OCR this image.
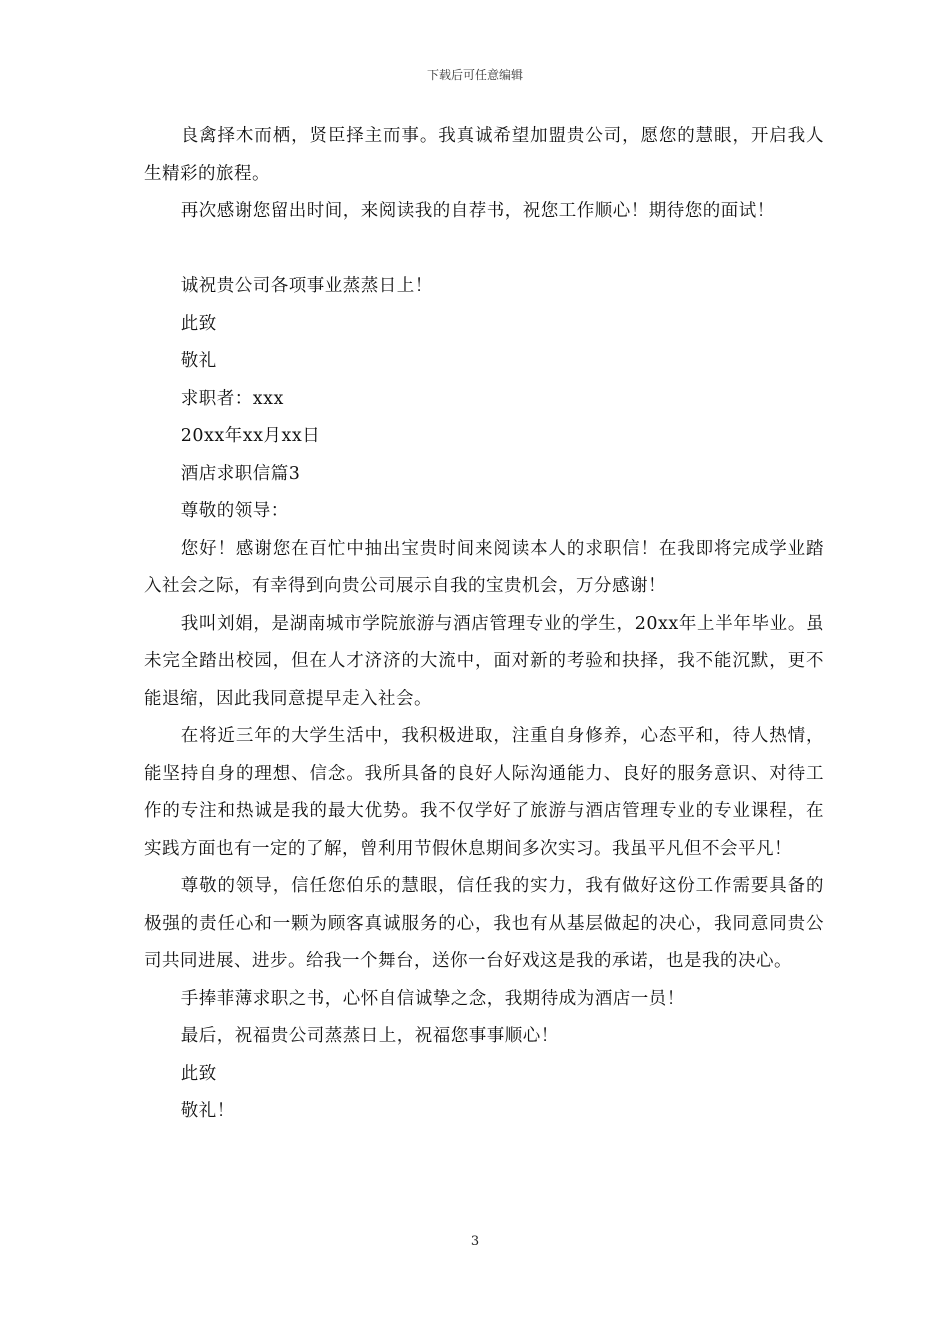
下载后可任意编辑

良禽择木而栖，贤臣择主而事。我真诚希望加盟贵公司，愿您的慧眼，开启我人生精彩的旅程。

再次感谢您留出时间，来阅读我的自荐书，祝您工作顺心！期待您的面试！

诚祝贵公司各项事业蒸蒸日上！

此致

敬礼

求职者：xxx

20xx年xx月xx日

酒店求职信篇3

尊敬的领导：

您好！感谢您在百忙中抽出宝贵时间来阅读本人的求职信！在我即将完成学业踏入社会之际，有幸得到向贵公司展示自我的宝贵机会，万分感谢！

我叫刘娟，是湖南城市学院旅游与酒店管理专业的学生，20xx年上半年毕业。虽未完全踏出校园，但在人才济济的大流中，面对新的考验和抉择，我不能沉默，更不能退缩，因此我同意提早走入社会。

在将近三年的大学生活中，我积极进取，注重自身修养，心态平和，待人热情，能坚持自身的理想、信念。我所具备的良好人际沟通能力、良好的服务意识、对待工作的专注和热诚是我的最大优势。我不仅学好了旅游与酒店管理专业的专业课程，在实践方面也有一定的了解，曾利用节假休息期间多次实习。我虽平凡但不会平凡！

尊敬的领导，信任您伯乐的慧眼，信任我的实力，我有做好这份工作需要具备的极强的责任心和一颗为顾客真诚服务的心，我也有从基层做起的决心，我同意同贵公司共同进展、进步。给我一个舞台，送你一台好戏这是我的承诺，也是我的决心。

手捧菲薄求职之书，心怀自信诚挚之念，我期待成为酒店一员！

最后，祝福贵公司蒸蒸日上，祝福您事事顺心！

此致

敬礼！

3
